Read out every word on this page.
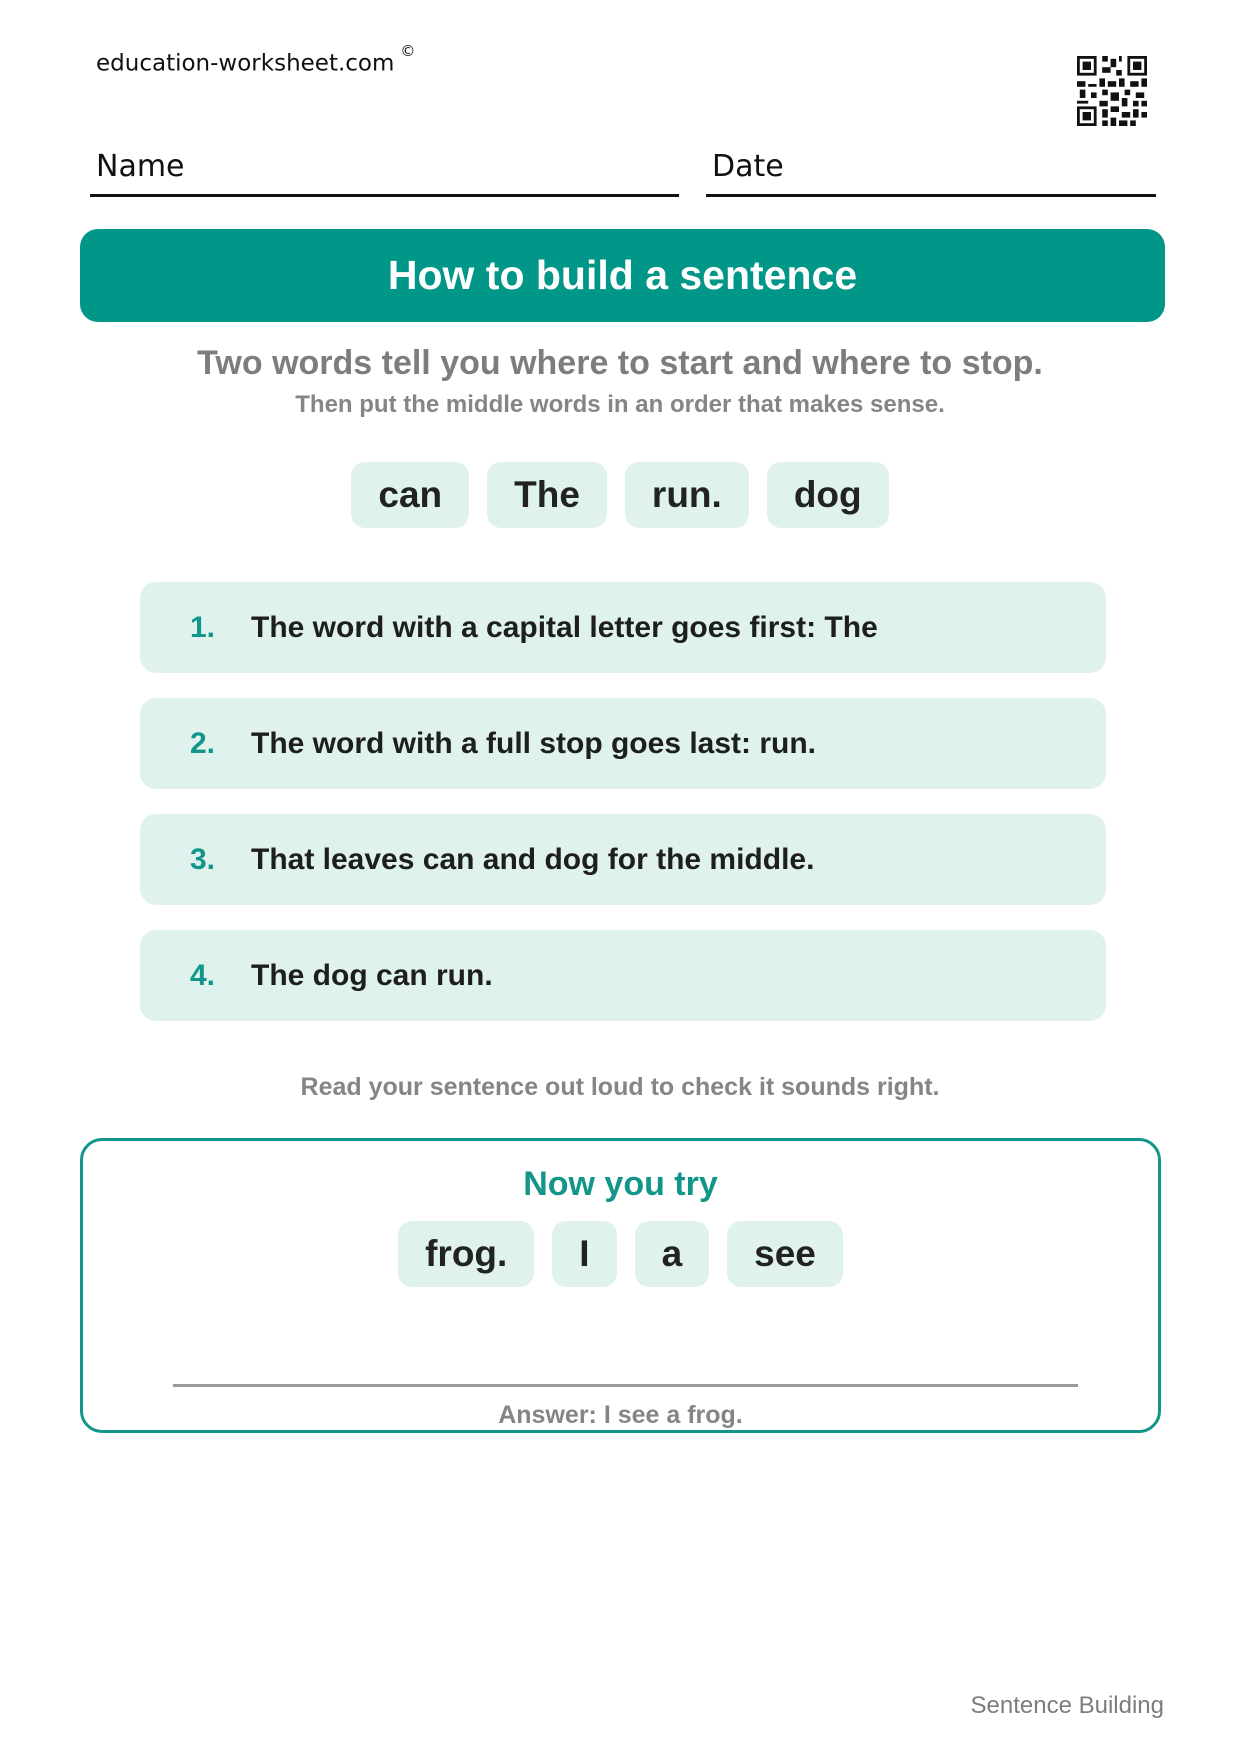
education-worksheet.com ©
Name	Date
How to build a sentence
Two words tell you where to start and where to stop.
Then put the middle words in an order that makes sense.
can	The	run.	dog
1. The word with a capital letter goes first: The
2. The word with a full stop goes last: run.
3. That leaves can and dog for the middle.
4. The dog can run.
Read your sentence out loud to check it sounds right.
Now you try
frog.	I	a	see
Answer: I see a frog.
Sentence Building
